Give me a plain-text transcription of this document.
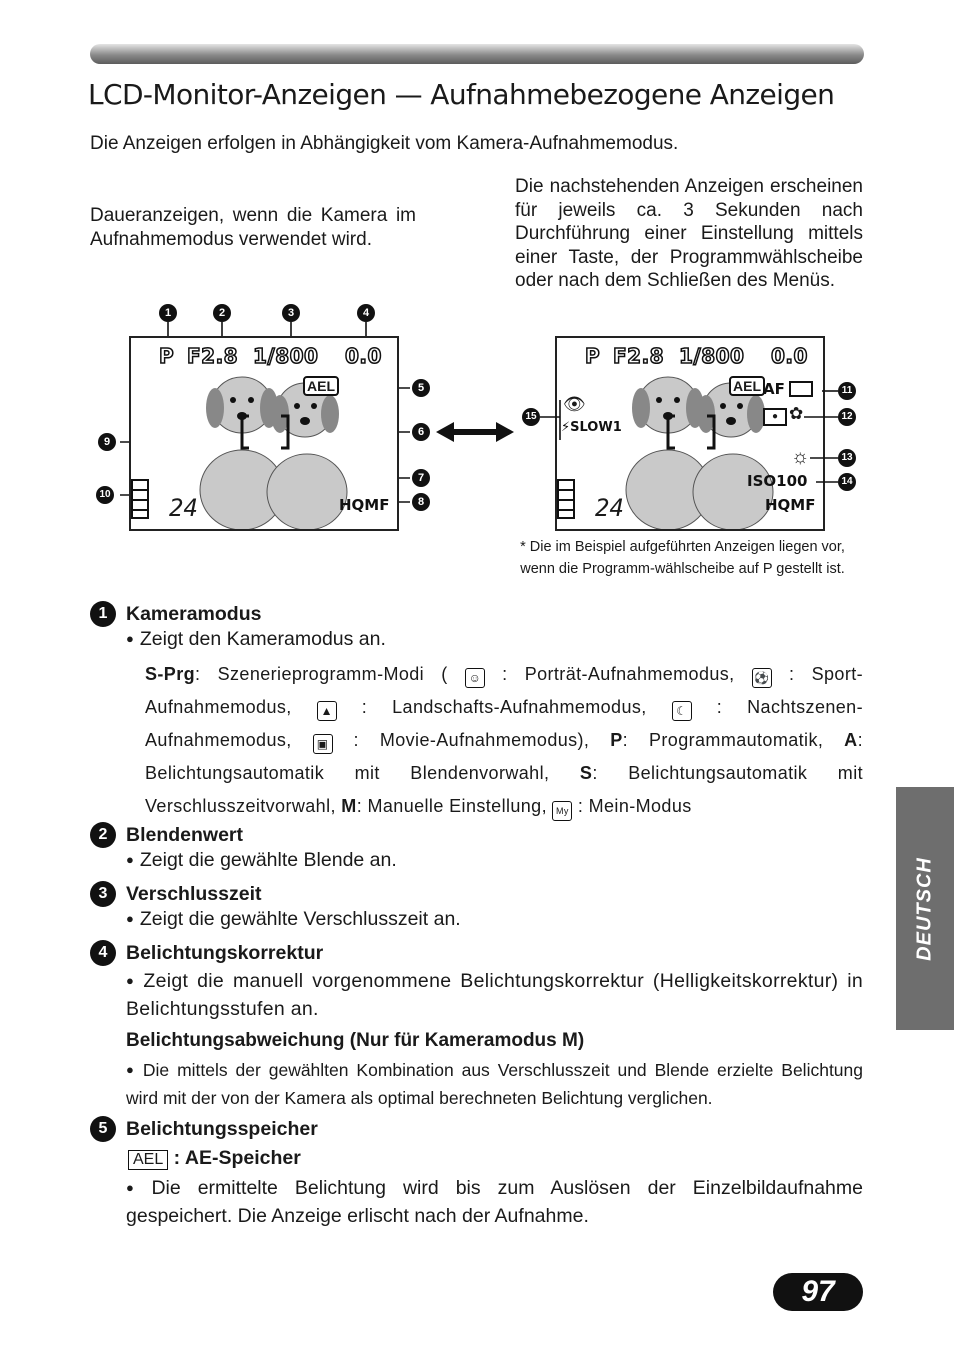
LCD-Monitor-Anzeigen — Aufnahmebezogene Anzeigen
Die Anzeigen erfolgen in Abhängigkeit vom Kamera-Aufnahmemodus.
Daueranzeigen, wenn die Kamera im Aufnahmemodus verwendet wird.
Die nachstehenden Anzeigen erscheinen für jeweils ca. 3 Sekunden nach Durchführung einer Einstellung mittels einer Taste, der Programmwählscheibe oder nach dem Schließen des Menüs.
1	2	3	4
P F2.8 1/800 0.0
AEL
24	HQMF
5
6
7
8
9
10
P F2.8 1/800 0.0
AEL AF
● ✿
☼
👁
⚡SLOW1
24
ISO100
HQMF
11
12
13
14
15
* Die im Beispiel aufgeführten Anzeigen liegen vor,
wenn die Programm-wählscheibe auf P gestellt ist.
1 Kameramodus
● Zeigt den Kameramodus an.
S-Prg: Szenerieprogramm-Modi ( ☺ : Porträt-Aufnahmemodus, ⚽ : Sport-Aufnahmemodus, ▲ : Landschafts-Aufnahmemodus, ☾ : Nachtszenen-Aufnahmemodus, ▣ : Movie-Aufnahmemodus), P: Programmautomatik, A: Belichtungsautomatik mit Blendenvorwahl, S: Belichtungsautomatik mit Verschlusszeitvorwahl, M: Manuelle Einstellung, My : Mein-Modus
2 Blendenwert
● Zeigt die gewählte Blende an.
3 Verschlusszeit
● Zeigt die gewählte Verschlusszeit an.
4 Belichtungskorrektur
● Zeigt die manuell vorgenommene Belichtungskorrektur (Helligkeitskorrektur) in Belichtungsstufen an.
Belichtungsabweichung (Nur für Kameramodus M)
● Die mittels der gewählten Kombination aus Verschlusszeit und Blende erzielte Belichtung wird mit der von der Kamera als optimal berechneten Belichtung verglichen.
5 Belichtungsspeicher
AEL : AE-Speicher
● Die ermittelte Belichtung wird bis zum Auslösen der Einzelbildaufnahme gespeichert. Die Anzeige erlischt nach der Aufnahme.
DEUTSCH
97
